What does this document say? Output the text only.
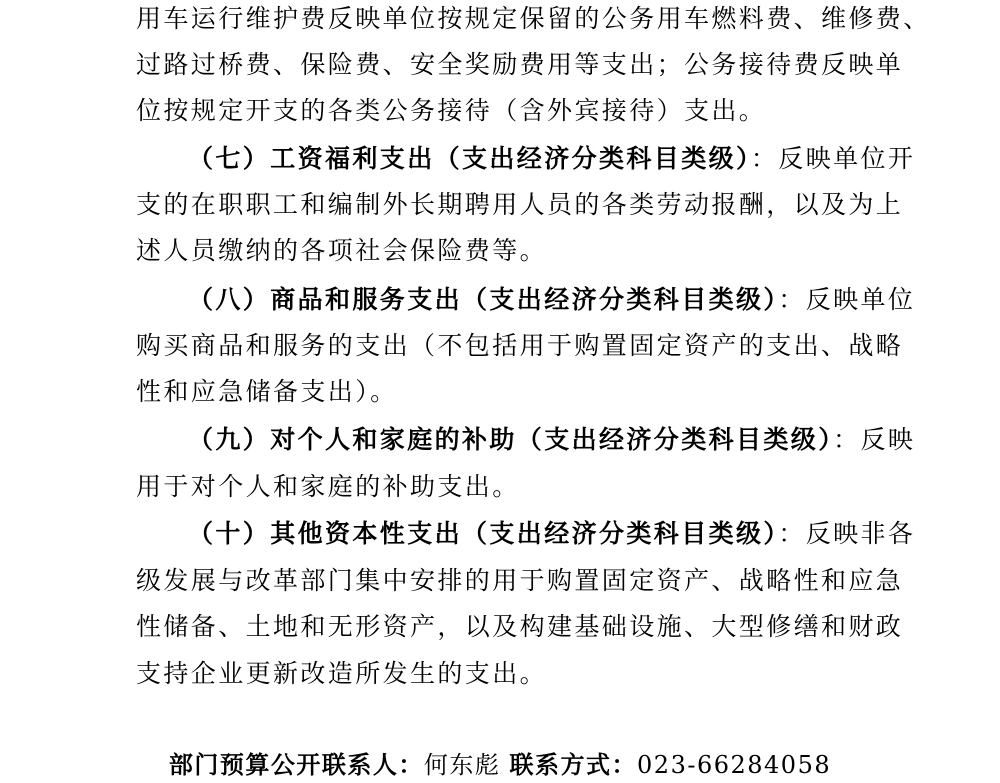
用车运行维护费反映单位按规定保留的公务用车燃料费、维修费、
过路过桥费、保险费、安全奖励费用等支出；公务接待费反映单
位按规定开支的各类公务接待（含外宾接待）支出。
（七）工资福利支出（支出经济分类科目类级）：反映单位开
支的在职职工和编制外长期聘用人员的各类劳动报酬，以及为上
述人员缴纳的各项社会保险费等。
（八）商品和服务支出（支出经济分类科目类级）：反映单位
购买商品和服务的支出（不包括用于购置固定资产的支出、战略
性和应急储备支出）。
（九）对个人和家庭的补助（支出经济分类科目类级）：反映
用于对个人和家庭的补助支出。
（十）其他资本性支出（支出经济分类科目类级）：反映非各
级发展与改革部门集中安排的用于购置固定资产、战略性和应急
性储备、土地和无形资产，以及构建基础设施、大型修缮和财政
支持企业更新改造所发生的支出。
部门预算公开联系人：何东彪 联系方式：023-66284058
